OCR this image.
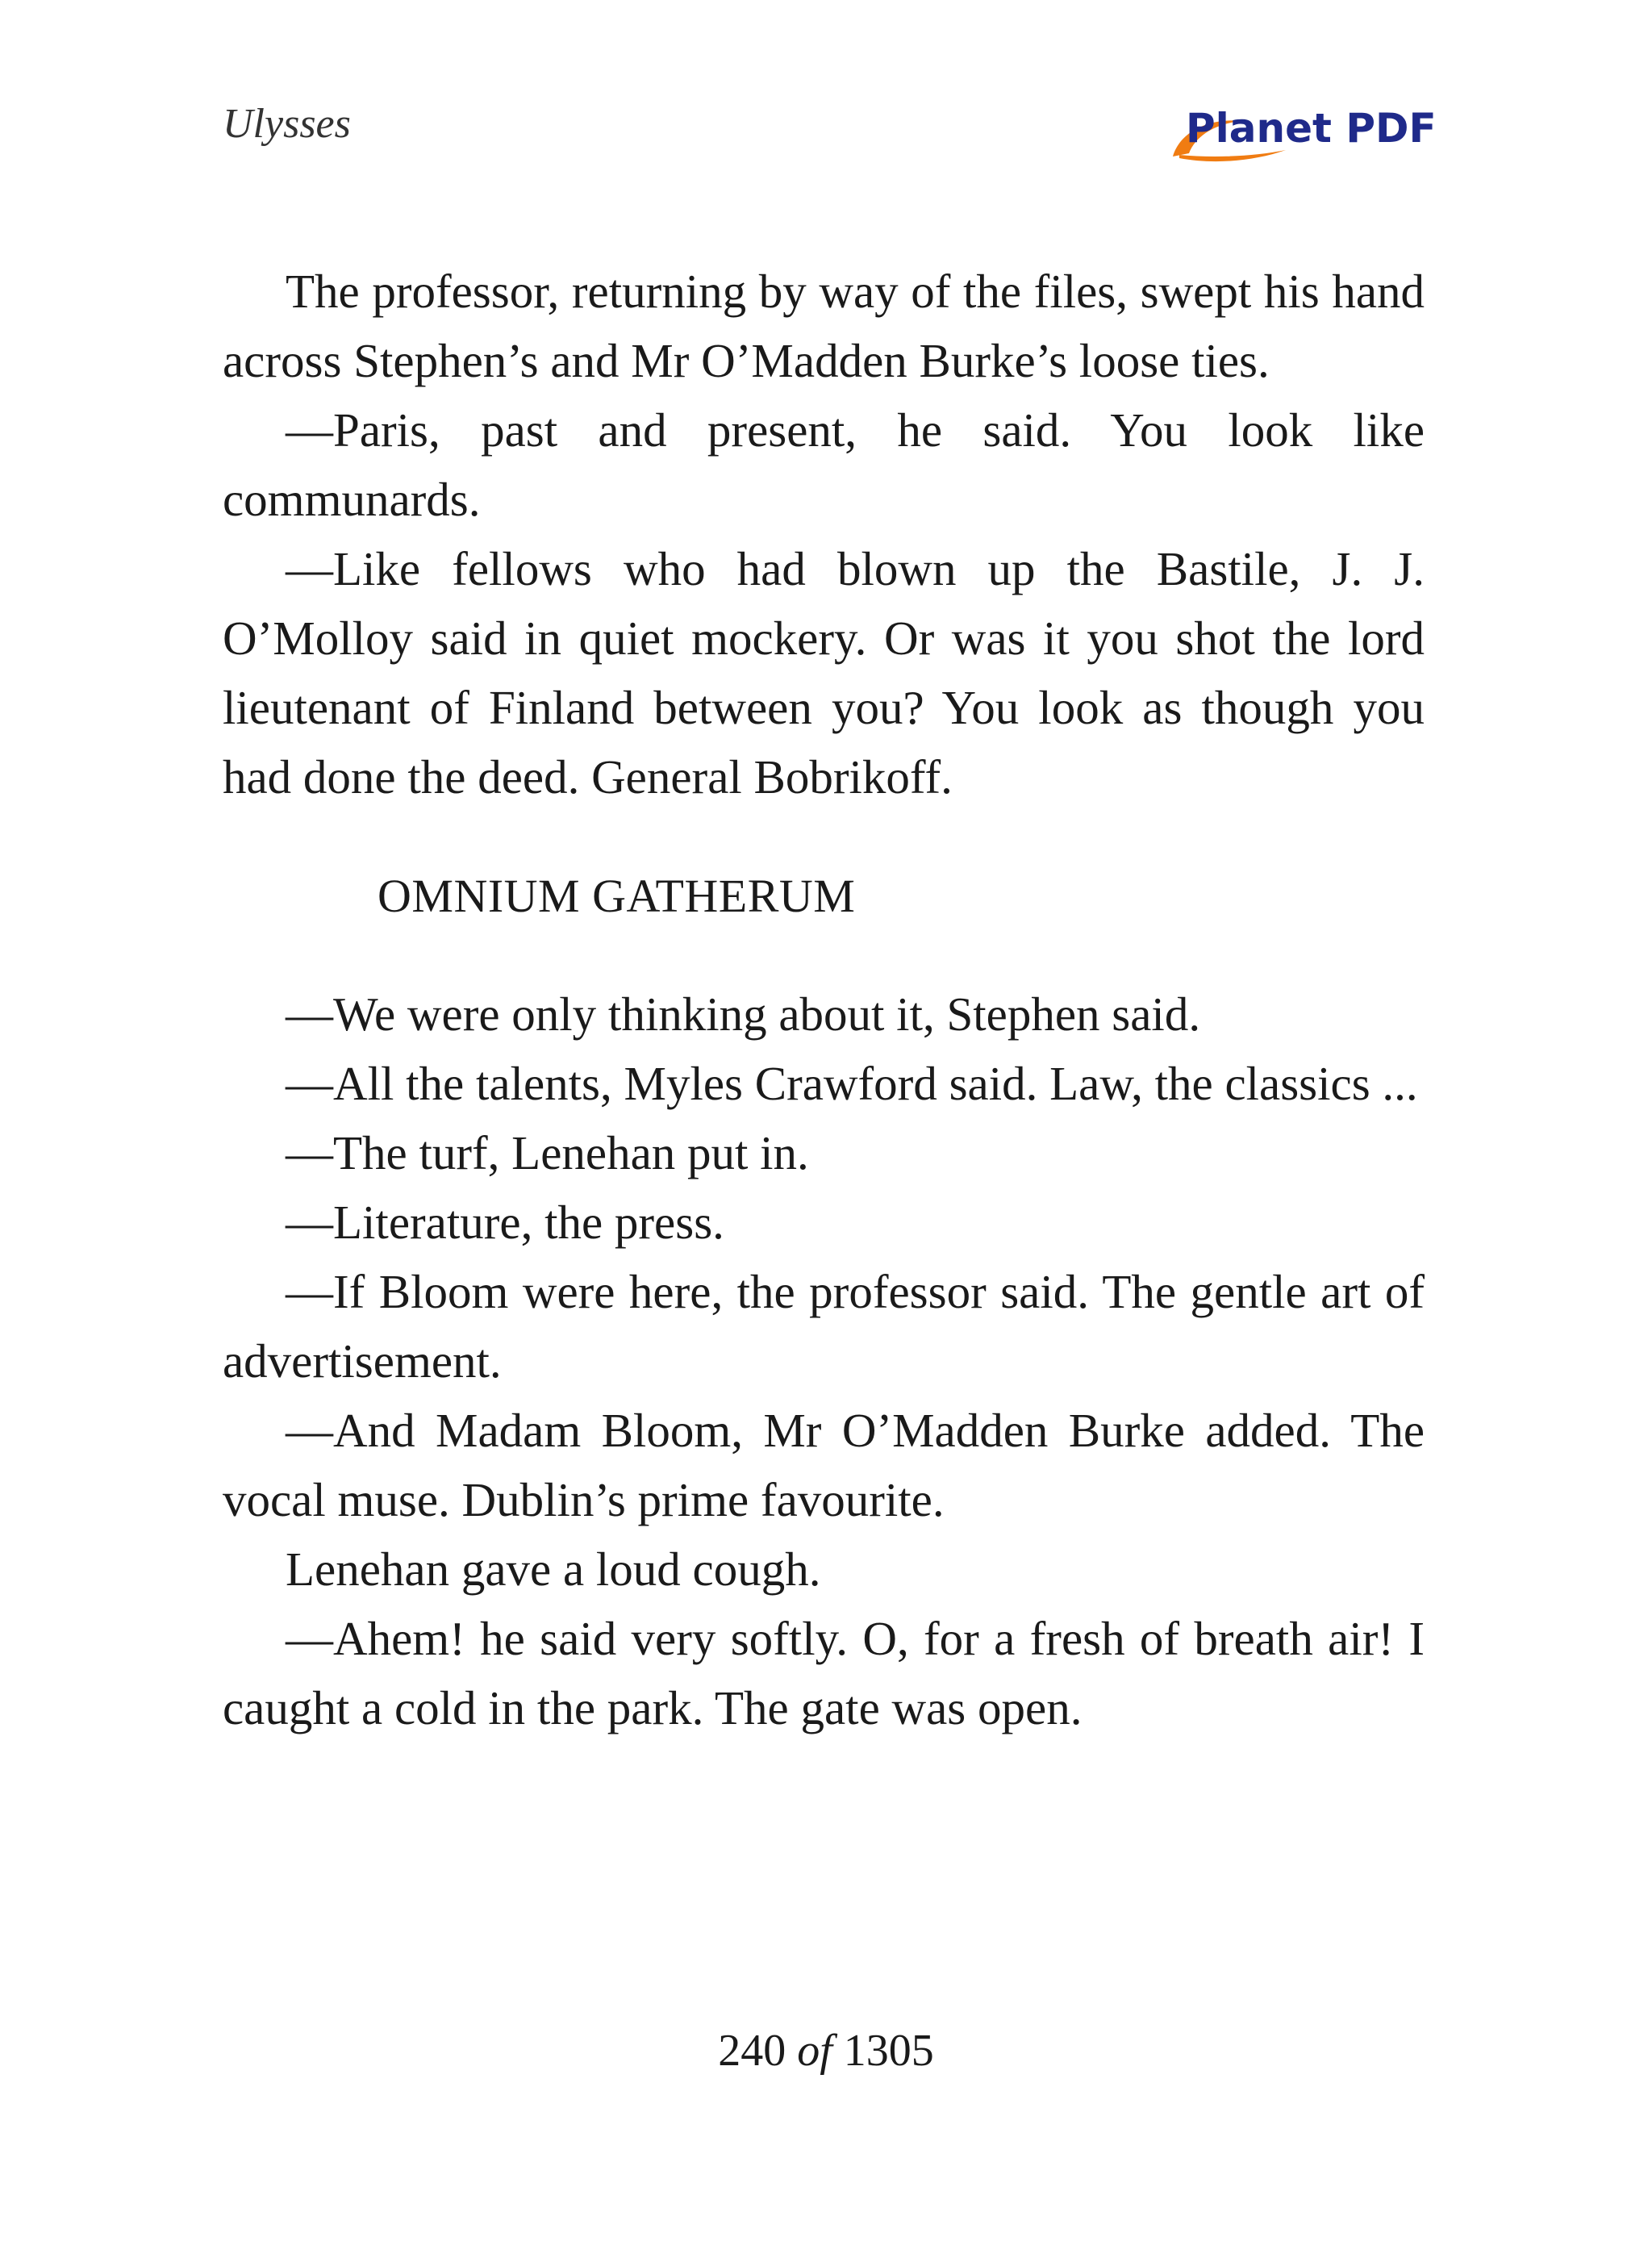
Ulysses	Planet PDF

The professor, returning by way of the files, swept his hand across Stephen’s and Mr O’Madden Burke’s loose ties.

—Paris, past and present, he said. You look like communards.

—Like fellows who had blown up the Bastile, J. J. O’Molloy said in quiet mockery. Or was it you shot the lord lieutenant of Finland between you? You look as though you had done the deed. General Bobrikoff.

OMNIUM GATHERUM

—We were only thinking about it, Stephen said.

—All the talents, Myles Crawford said. Law, the classics ...

—The turf, Lenehan put in.

—Literature, the press.

—If Bloom were here, the professor said. The gentle art of advertisement.

—And Madam Bloom, Mr O’Madden Burke added. The vocal muse. Dublin’s prime favourite.

Lenehan gave a loud cough.

—Ahem! he said very softly. O, for a fresh of breath air! I caught a cold in the park. The gate was open.

240 of 1305
